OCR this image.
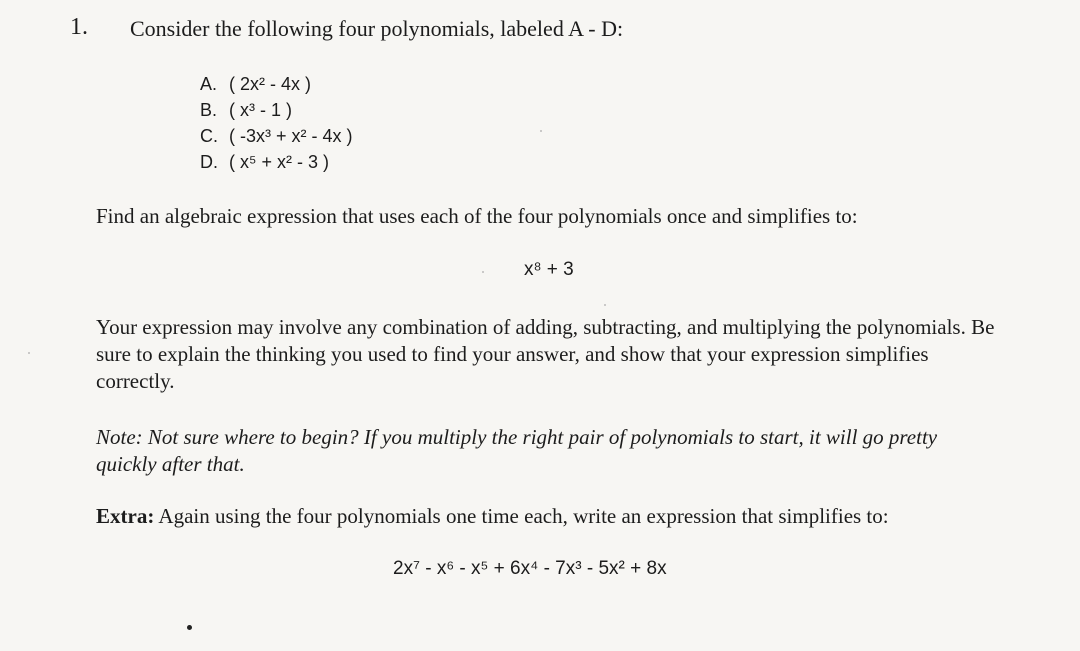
1. Consider the following four polynomials, labeled A - D:
A. ( 2x² - 4x )
B. ( x³ - 1 )
C. ( -3x³ + x² - 4x )
D. ( x⁵ + x² - 3 )
Find an algebraic expression that uses each of the four polynomials once and simplifies to:
x⁸ + 3
Your expression may involve any combination of adding, subtracting, and multiplying the polynomials. Be sure to explain the thinking you used to find your answer, and show that your expression simplifies correctly.
Note: Not sure where to begin? If you multiply the right pair of polynomials to start, it will go pretty quickly after that.
Extra: Again using the four polynomials one time each, write an expression that simplifies to:
2x⁷ - x⁶ - x⁵ + 6x⁴ - 7x³ - 5x² + 8x
